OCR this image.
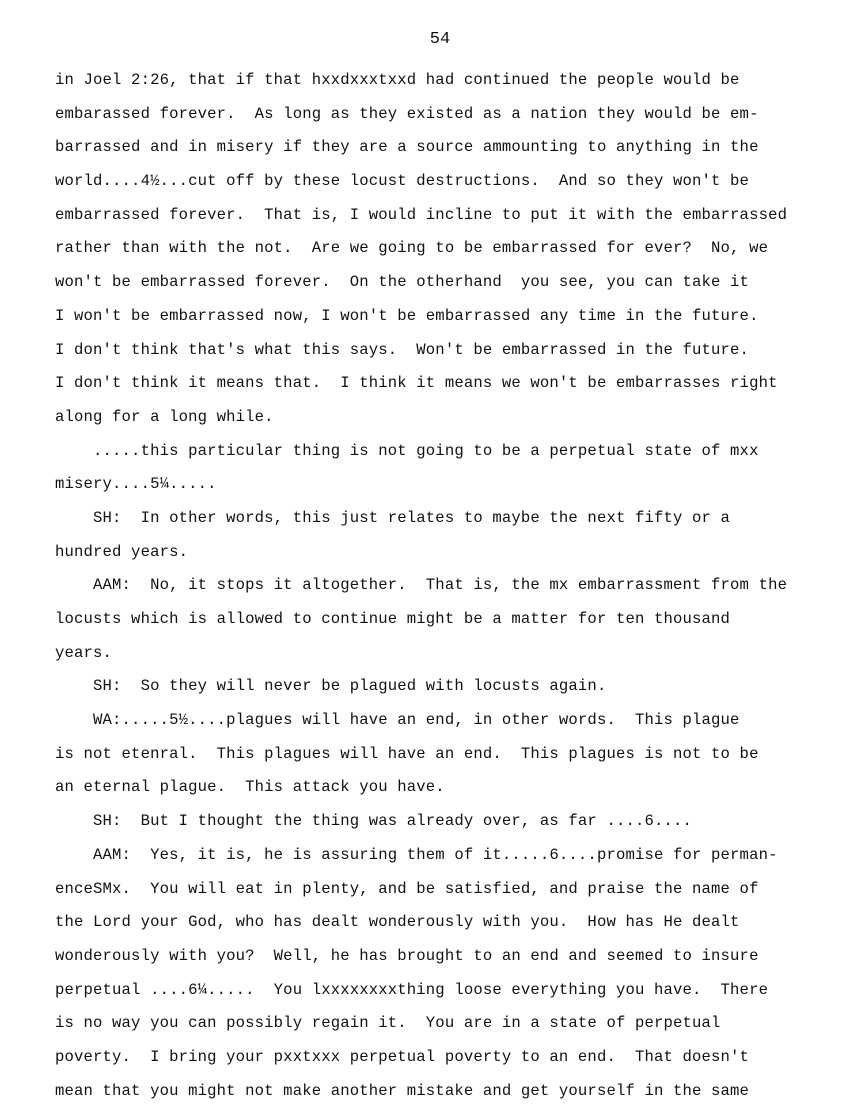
54
in Joel 2:26, that if that hxxdxxxtxxd had continued the people would be
embarassed forever.  As long as they existed as a nation they would be em-
barrassed and in misery if they are a source ammounting to anything in the
world....4½...cut off by these locust destructions.  And so they won't be
embarrassed forever.  That is, I would incline to put it with the embarrassed
rather than with the not.  Are we going to be embarrassed for ever?  No, we
won't be embarrassed forever.  On the otherhand  you see, you can take it
I won't be embarrassed now, I won't be embarrassed any time in the future.
I don't think that's what this says.  Won't be embarrassed in the future.
I don't think it means that.  I think it means we won't be embarrasses right
along for a long while.
.....this particular thing is not going to be a perpetual state of mxx
misery....5¼.....
SH:  In other words, this just relates to maybe the next fifty or a
hundred years.
AAM:  No, it stops it altogether.  That is, the mx embarrassment from the
locusts which is allowed to continue might be a matter for ten thousand
years.
SH:  So they will never be plagued with locusts again.
WA:.....5½....plagues will have an end, in other words.  This plague
is not etenral.  This plagues will have an end.  This plagues is not to be
an eternal plague.  This attack you have.
SH:  But I thought the thing was already over, as far ....6....
AAM:  Yes, it is, he is assuring them of it.....6....promise for perman-
enceSMx.  You will eat in plenty, and be satisfied, and praise the name of
the Lord your God, who has dealt wonderously with you.  How has He dealt
wonderously with you?  Well, he has brought to an end and seemed to insure
perpetual ....6¼.....  You lxxxxxxxxthing loose everything you have.  There
is no way you can possibly regain it.  You are in a state of perpetual
poverty.  I bring your pxxtxxx perpetual poverty to an end.  That doesn't
mean that you might not make another mistake and get yourself in the same
